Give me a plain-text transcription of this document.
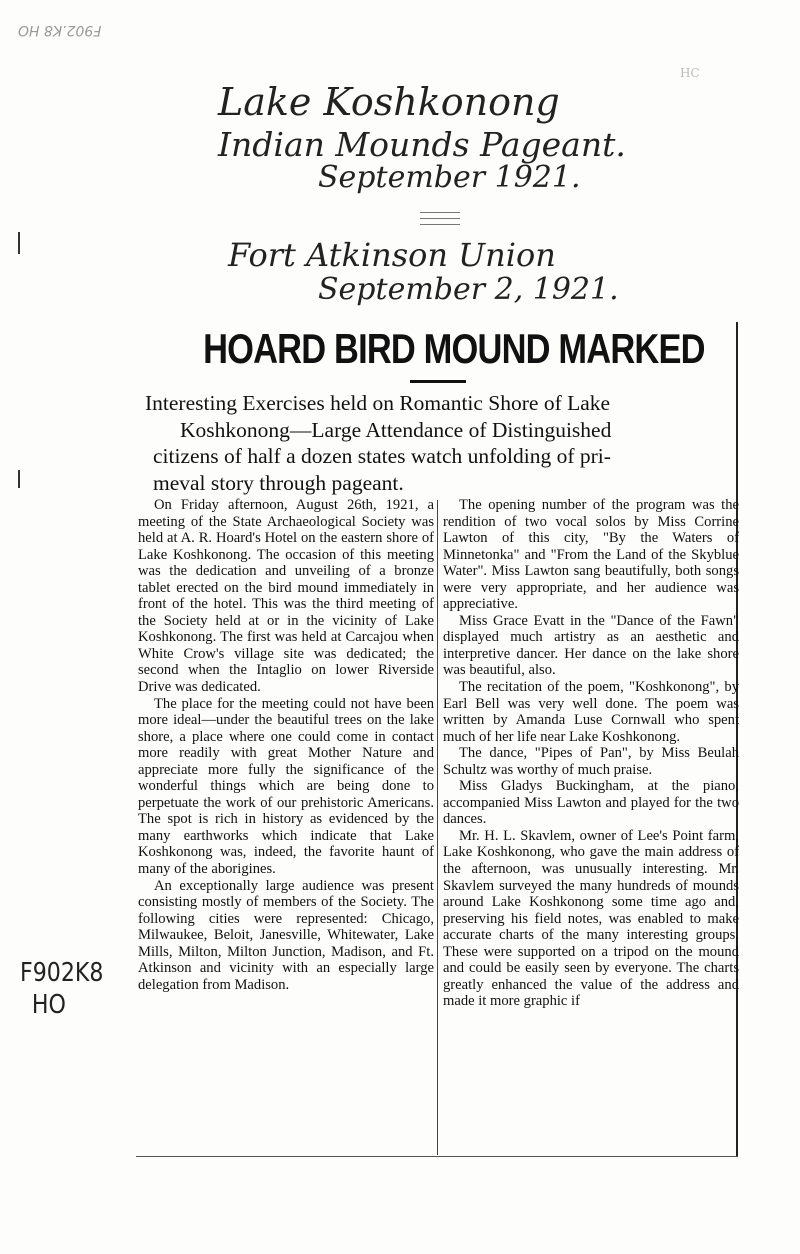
F902.K8 HO
HC
Lake Koshkonong
Indian Mounds Pageant.
September 1921.
Fort Atkinson Union
September 2, 1921.
HOARD BIRD MOUND MARKED
Interesting Exercises held on Romantic Shore of Lake
Koshkonong—Large Attendance of Distinguished
citizens of half a dozen states watch unfolding of pri-
meval story through pageant.

On Friday afternoon, August 26th, 1921, a meeting of the State Archaeological Society was held at A. R. Hoard's Hotel on the eastern shore of Lake Koshkonong. The occasion of this meeting was the dedication and unveiling of a bronze tablet erected on the bird mound immediately in front of the hotel. This was the third meeting of the Society held at or in the vicinity of Lake Koshkonong. The first was held at Carcajou when White Crow's village site was dedicated; the second when the Intaglio on lower Riverside Drive was dedicated.

The place for the meeting could not have been more ideal—under the beautiful trees on the lake shore, a place where one could come in contact more readily with great Mother Nature and appreciate more fully the significance of the wonderful things which are being done to perpetuate the work of our prehistoric Americans. The spot is rich in history as evidenced by the many earthworks which indicate that Lake Koshkonong was, indeed, the favorite haunt of many of the aborigines.

An exceptionally large audience was present consisting mostly of members of the Society. The following cities were represented: Chicago, Milwaukee, Beloit, Janesville, Whitewater, Lake Mills, Milton, Milton Junction, Madison, and Ft. Atkinson and vicinity with an especially large delegation from Madison.

The opening number of the program was the rendition of two vocal solos by Miss Corrine Lawton of this city, "By the Waters of Minnetonka" and "From the Land of the Skyblue Water". Miss Lawton sang beautifully, both songs were very appropriate, and her audience was appreciative.

Miss Grace Evatt in the "Dance of the Fawn" displayed much artistry as an aesthetic and interpretive dancer. Her dance on the lake shore was beautiful, also.

The recitation of the poem, "Koshkonong", by Earl Bell was very well done. The poem was written by Amanda Luse Cornwall who spent much of her life near Lake Koshkonong.

The dance, "Pipes of Pan", by Miss Beulah Schultz was worthy of much praise.

Miss Gladys Buckingham, at the piano, accompanied Miss Lawton and played for the two dances.

Mr. H. L. Skavlem, owner of Lee's Point farm, Lake Koshkonong, who gave the main address of the afternoon, was unusually interesting. Mr. Skavlem surveyed the many hundreds of mounds around Lake Koshkonong some time ago and, preserving his field notes, was enabled to make accurate charts of the many interesting groups. These were supported on a tripod on the mound and could be easily seen by everyone. The charts greatly enhanced the value of the address and made it more graphic if

F902K8
HO
